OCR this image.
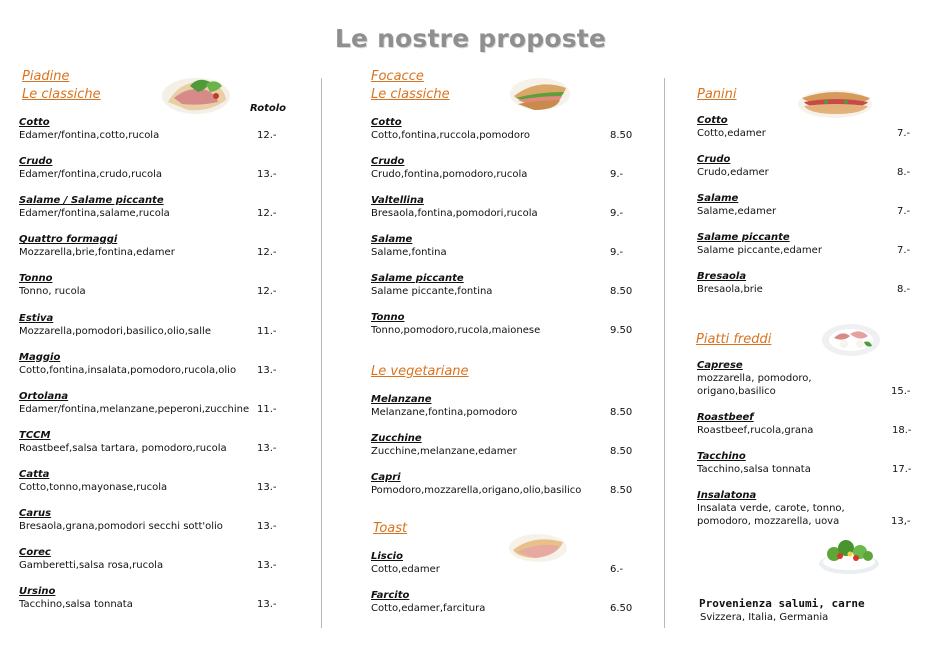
Le nostre proposte
Piadine
Le classiche
Rotolo
Cotto
Edamer/fontina,cotto,rucola	12.-
Crudo
Edamer/fontina,crudo,rucola	13.-
Salame / Salame piccante
Edamer/fontina,salame,rucola	12.-
Quattro formaggi
Mozzarella,brie,fontina,edamer	12.-
Tonno
Tonno, rucola	12.-
Estiva
Mozzarella,pomodori,basilico,olio,salle	11.-
Maggio
Cotto,fontina,insalata,pomodoro,rucola,olio 13.-
Ortolana
Edamer/fontina,melanzane,peperoni,zucchine 11.-
TCCM
Roastbeef,salsa tartara, pomodoro,rucola	13.-
Catta
Cotto,tonno,mayonase,rucola	13.-
Carus
Bresaola,grana,pomodori secchi sott'olio	13.-
Corec
Gamberetti,salsa rosa,rucola	13.-
Ursino
Tacchino,salsa tonnata	13.-
Focacce
Le classiche
Cotto
Cotto,fontina,ruccola,pomodoro	8.50
Crudo
Crudo,fontina,pomodoro,rucola	9.-
Valtellina
Bresaola,fontina,pomodori,rucola	9.-
Salame
Salame,fontina	9.-
Salame piccante
Salame piccante,fontina	8.50
Tonno
Tonno,pomodoro,rucola,maionese	9.50
Le vegetariane
Melanzane
Melanzane,fontina,pomodoro	8.50
Zucchine
Zucchine,melanzane,edamer	8.50
Capri
Pomodoro,mozzarella,origano,olio,basilico	8.50
Toast
Liscio
Cotto,edamer	6.-
Farcito
Cotto,edamer,farcitura	6.50
Panini
Cotto
Cotto,edamer	7.-
Crudo
Crudo,edamer	8.-
Salame
Salame,edamer	7.-
Salame piccante
Salame piccante,edamer	7.-
Bresaola
Bresaola,brie	8.-
Piatti freddi
Caprese
mozzarella, pomodoro,
origano,basilico	15.-
Roastbeef
Roastbeef,rucola,grana	18.-
Tacchino
Tacchino,salsa tonnata	17.-
Insalatona
Insalata verde, carote, tonno,
pomodoro, mozzarella, uova	13,-
Provenienza salumi, carne
Svizzera, Italia, Germania
